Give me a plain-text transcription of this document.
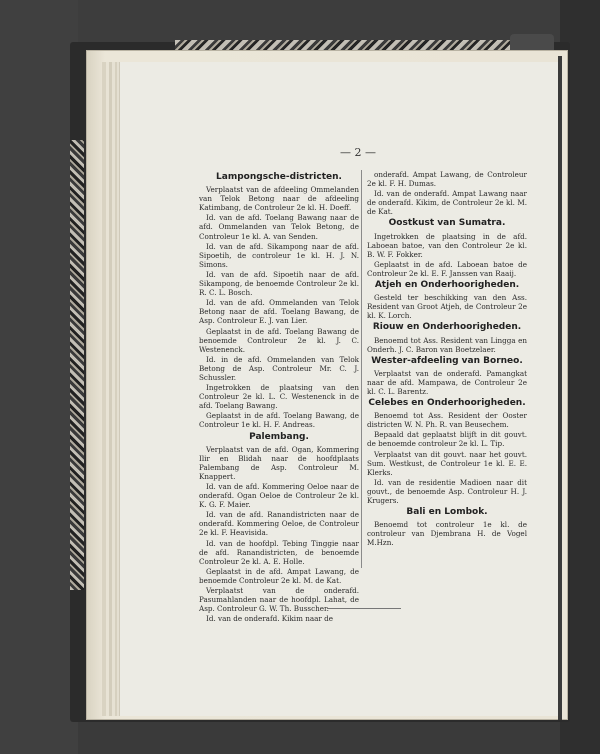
— 2 —
Lampongsche-districten.

Verplaatst van de afdeeling Ommelanden van Telok Betong naar de afdeeling Katimbang, de Controleur 2e kl. H. Doeff.

Id. van de afd. Toelang Bawang naar de afd. Ommelanden van Telok Betong, de Controleur 1e kl. A. van Senden.

Id. van de afd. Sikampong naar de afd. Sipoetih, de controleur 1e kl. H. J. N. Simons.

Id. van de afd. Sipoetih naar de afd. Sikampong, de benoemde Controleur 2e kl. R. C. L. Bosch.

Id. van de afd. Ommelanden van Telok Betong naar de afd. Toelang Bawang, de Asp. Controleur E. J. van Lier.

Geplaatst in de afd. Toelang Bawang de benoemde Controleur 2e kl. J. C. Westenenck.

Id. in de afd. Ommelanden van Telok Betong de Asp. Controleur Mr. C. J. Schussler.

Ingetrokken de plaatsing van den Controleur 2e kl. L. C. Westenenck in de afd. Toelang Bawang.

Geplaatst in de afd. Toelang Bawang, de Controleur 1e kl. H. F. Andreas.

Palembang.

Verplaatst van de afd. Ogan, Kommering Ilir en Blidah naar de hoofdplaats Palembang de Asp. Controleur M. Knappert.

Id. van de afd. Kommering Oeloe naar de onderafd. Ogan Oeloe de Controleur 2e kl. K. G. F. Maier.

Id. van de afd. Ranandistricten naar de onderafd. Kommering Oeloe, de Controleur 2e kl. F. Heavisida.

Id. van de hoofdpl. Tebing Tinggie naar de afd. Ranandistricten, de benoemde Controleur 2e kl. A. E. Holle.

Geplaatst in de afd. Ampat Lawang, de benoemde Controleur 2e kl. M. de Kat.

Verplaatst van de onderafd. Pasumahlanden naar de hoofdpl. Lahat, de Asp. Controleur G. W. Th. Busscher.

Id. van de onderafd. Kikim naar de

onderafd. Ampat Lawang, de Controleur 2e kl. F. H. Dumas.

Id. van de onderafd. Ampat Lawang naar de onderafd. Kikim, de Controleur 2e kl. M. de Kat.

Oostkust van Sumatra.

Ingetrokken de plaatsing in de afd. Laboean batoe, van den Controleur 2e kl. B. W. F. Fokker.

Geplaatst in de afd. Laboean batoe de Controleur 2e kl. E. F. Janssen van Raaij.

Atjeh en Onderhoorigheden.

Gesteld ter beschikking van den Ass. Resident van Groot Atjeh, de Controleur 2e kl. K. Lorch.

Riouw en Onderhoorigheden.

Benoemd tot Ass. Resident van Lingga en Onderh. J. C. Baron van Boetzelaer.

Wester-afdeeling van Borneo.

Verplaatst van de onderafd. Pamangkat naar de afd. Mampawa, de Controleur 2e kl. C. L. Barentz.

Celebes en Onderhoorigheden.

Benoemd tot Ass. Resident der Ooster districten W. N. Ph. R. van Beusechem.

Bepaald dat geplaatst blijft in dit gouvt. de benoemde controleur 2e kl. L. Tip.

Verplaatst van dit gouvt. naar het gouvt. Sum. Westkust, de Controleur 1e kl. E. E. Klerks.

Id. van de residentie Madioen naar dit gouvt., de benoemde Asp. Controleur H. J. Krugers.

Bali en Lombok.

Benoemd tot controleur 1e kl. de controleur van Djembrana H. de Vogel M.Hzn.
